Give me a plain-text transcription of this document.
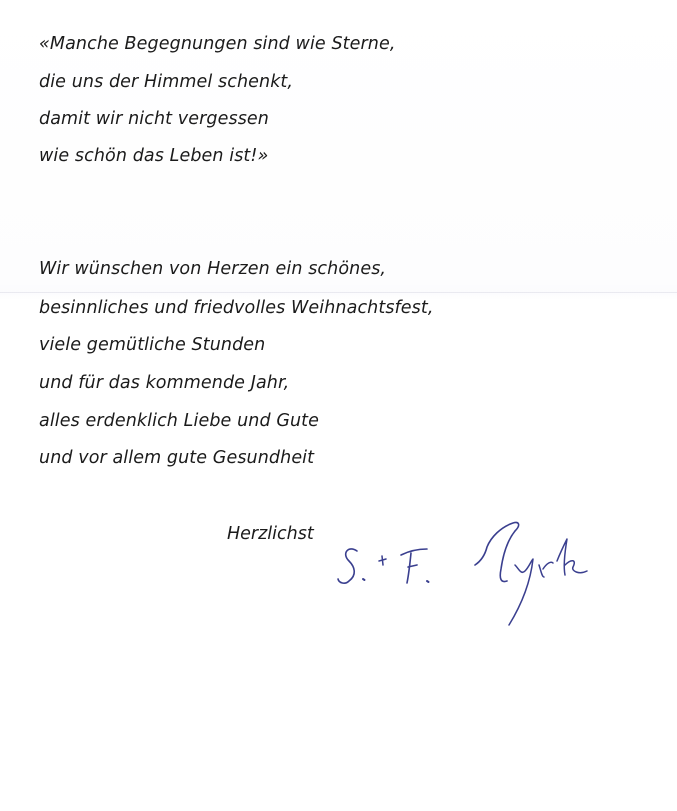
«Manche Begegnungen sind wie Sterne,

die uns der Himmel schenkt,

damit wir nicht vergessen

wie schön das Leben ist!»

Wir wünschen von Herzen ein schönes,

besinnliches und friedvolles Weihnachtsfest,

viele gemütliche Stunden

und für das kommende Jahr,

alles erdenklich Liebe und Gute

und vor allem gute Gesundheit

Herzlichst
